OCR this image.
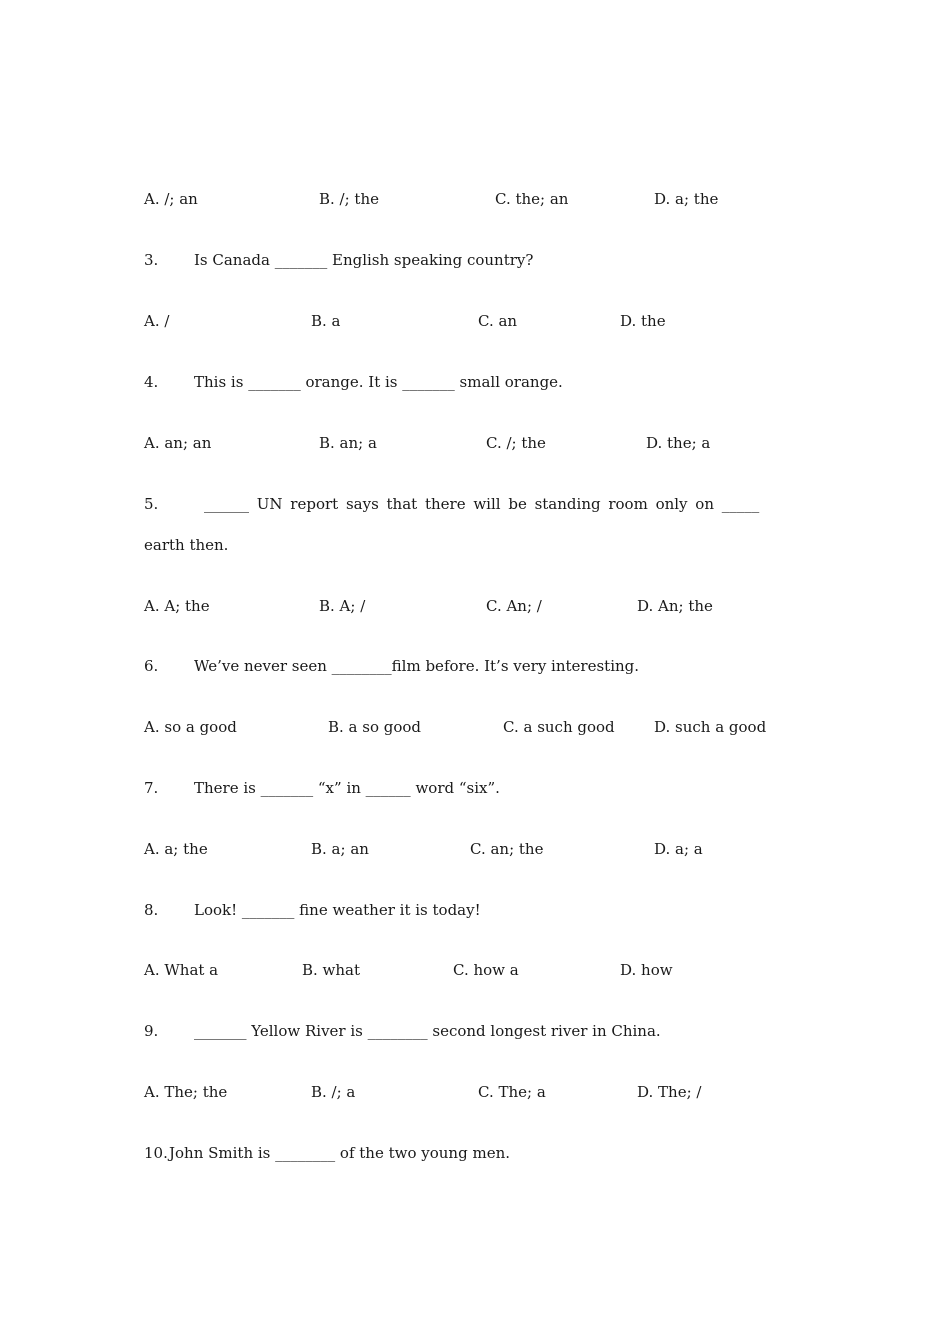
A. /; an	B. /; the	C. the; an	D. a; the
3. Is Canada _______ English speaking country?
A. /	B. a	C. an	D. the
4. This is _______ orange. It is _______ small orange.
A. an; an	B. an; a	C. /; the	D. the; a
5.	______ UN report says that there will be standing room only on _____
earth then.
A. A; the	B. A; /	C. An; /	D. An; the
6. We’ve never seen ________film before. It’s very interesting.
A. so a good	B. a so good	C. a such good	D. such a good
7. There is _______ “x” in ______ word “six”.
A. a; the	B. a; an	C. an; the	D. a; a
8. Look! _______ fine weather it is today!
A. What a	B. what	C. how a	D. how
9. _______ Yellow River is ________ second longest river in China.
A. The; the	B. /; a	C. The; a	D. The; /
10. John Smith is ________ of the two young men.
